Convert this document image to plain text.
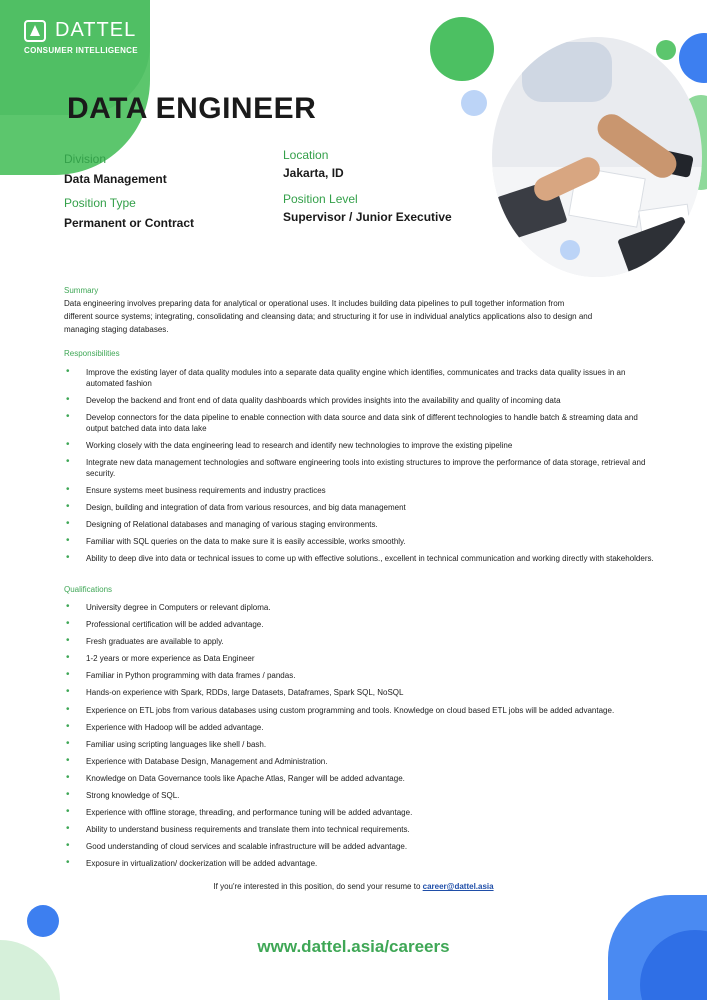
DATTEL
CONSUMER INTELLIGENCE
DATA ENGINEER
Division
Data Management
Position Type
Permanent or Contract
Location
Jakarta, ID
Position Level
Supervisor / Junior Executive
Summary

Data engineering involves preparing data for analytical or operational uses. It includes building data pipelines to pull together information from different source systems; integrating, consolidating and cleansing data; and structuring it for use in individual analytics applications also to design and managing staging databases.

Responsibilities
• Improve the existing layer of data quality modules into a separate data quality engine which identifies, communicates and tracks data quality issues in an automated fashion
• Develop the backend and front end of data quality dashboards which provides insights into the availability and quality of incoming data
• Develop connectors for the data pipeline to enable connection with data source and data sink of different technologies to handle batch & streaming data and output batched data into data lake
• Working closely with the data engineering lead to research and identify new technologies to improve the existing pipeline
• Integrate new data management technologies and software engineering tools into existing structures to improve the performance of data storage, retrieval and security.
• Ensure systems meet business requirements and industry practices
• Design, building and integration of data from various resources, and big data management
• Designing of Relational databases and managing of various staging environments.
• Familiar with SQL queries on the data to make sure it is easily accessible, works smoothly.
• Ability to deep dive into data or technical issues to come up with effective solutions., excellent in technical communication and working directly with stakeholders.
Qualifications
• University degree in Computers or relevant diploma.
• Professional certification will be added advantage.
• Fresh graduates are available to apply.
• 1-2 years or more experience as Data Engineer
• Familiar in Python programming with data frames / pandas.
• Hands-on experience with Spark, RDDs, large Datasets, Dataframes, Spark SQL, NoSQL
• Experience on ETL jobs from various databases using custom programming and tools. Knowledge on cloud based ETL jobs will be added advantage.
• Experience with Hadoop will be added advantage.
• Familiar using scripting languages like shell / bash.
• Experience with Database Design, Management and Administration.
• Knowledge on Data Governance tools like Apache Atlas, Ranger will be added advantage.
• Strong knowledge of SQL.
• Experience with offline storage, threading, and performance tuning will be added advantage.
• Ability to understand business requirements and translate them into technical requirements.
• Good understanding of cloud services and scalable infrastructure will be added advantage.
• Exposure in virtualization/ dockerization will be added advantage.

If you're interested in this position, do send your resume to career@dattel.asia

www.dattel.asia/careers
